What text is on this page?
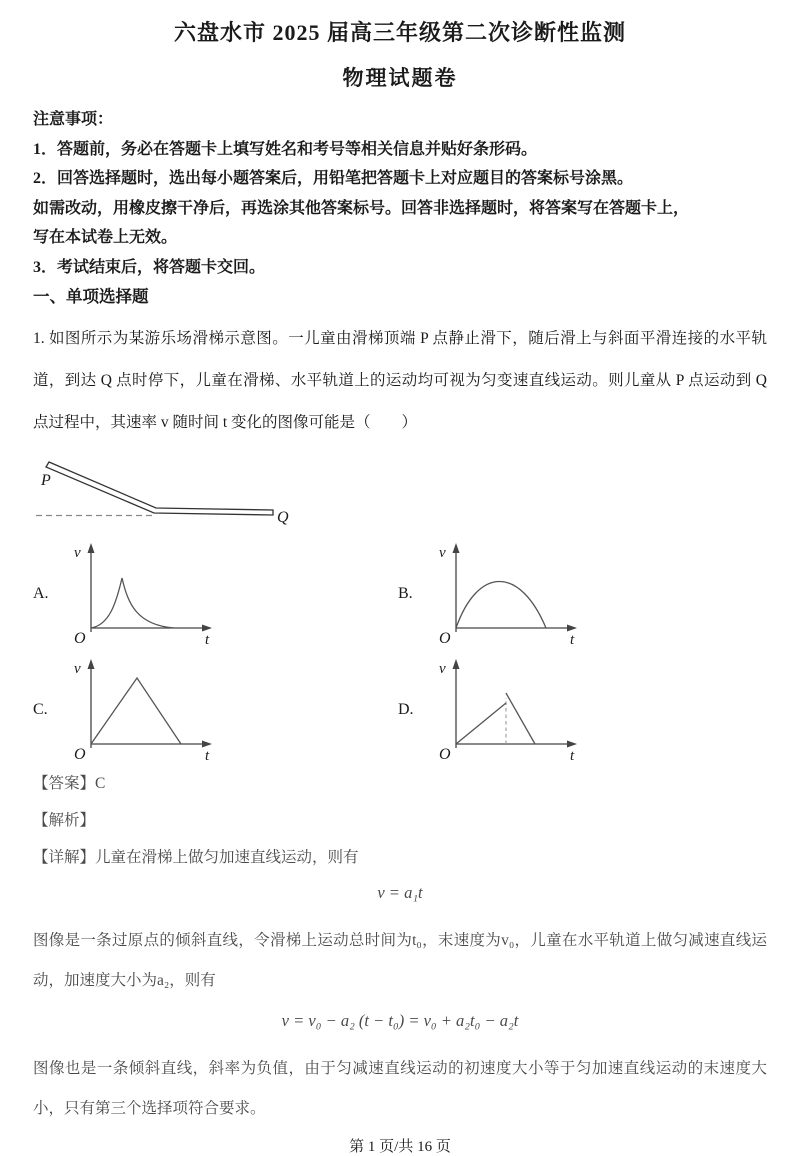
六盘水市 2025 届高三年级第二次诊断性监测
物理试题卷

注意事项：

1．答题前，务必在答题卡上填写姓名和考号等相关信息并贴好条形码。

2．回答选择题时，选出每小题答案后，用铅笔把答题卡上对应题目的答案标号涂黑。

如需改动，用橡皮擦干净后，再选涂其他答案标号。回答非选择题时，将答案写在答题卡上，

写在本试卷上无效。

3．考试结束后，将答题卡交回。

一、单项选择题

1. 如图所示为某游乐场滑梯示意图。一儿童由滑梯顶端 P 点静止滑下，随后滑上与斜面平滑连接的水平轨道，到达 Q 点时停下，儿童在滑梯、水平轨道上的运动均可视为匀变速直线运动。则儿童从 P 点运动到 Q 点过程中，其速率 v 随时间 t 变化的图像可能是（　　）

P
Q
A.
v
O	t
B.
v
O	t
C.
v
O	t
D.
v
O	t

【答案】C

【解析】

【详解】儿童在滑梯上做匀加速直线运动，则有

v = a₁t

图像是一条过原点的倾斜直线，令滑梯上运动总时间为t₀，末速度为v₀，儿童在水平轨道上做匀减速直线运动，加速度大小为a₂，则有

v = v₀ − a₂ (t − t₀) = v₀ + a₂t₀ − a₂t

图像也是一条倾斜直线，斜率为负值，由于匀减速直线运动的初速度大小等于匀加速直线运动的末速度大小，只有第三个选择项符合要求。

第 1 页/共 16 页
